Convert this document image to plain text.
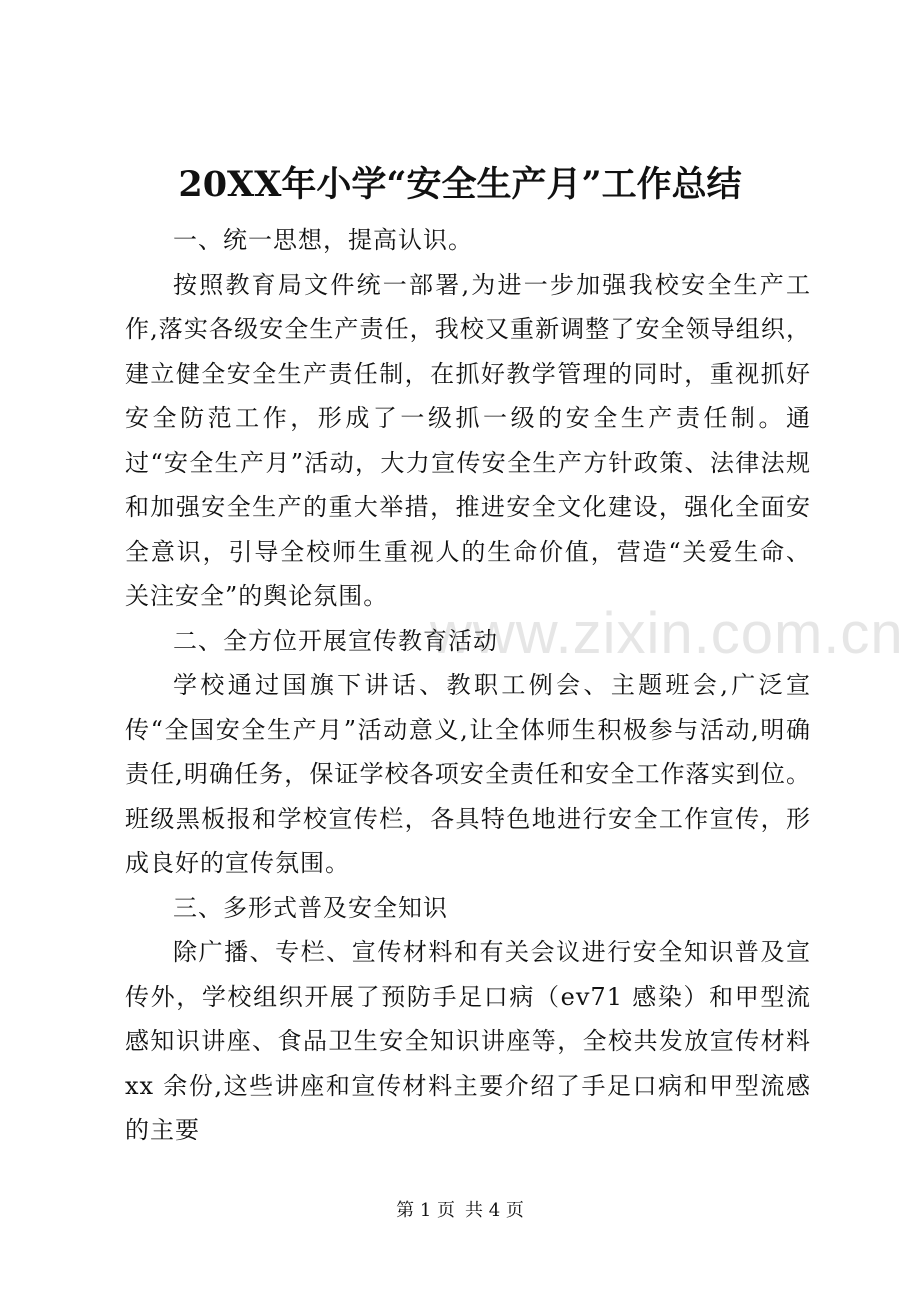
www.zixin.com.cn
20XX年小学“安全生产月”工作总结

一、统一思想，提高认识。

按照教育局文件统一部署,为进一步加强我校安全生产工作,落实各级安全生产责任，我校又重新调整了安全领导组织，建立健全安全生产责任制，在抓好教学管理的同时，重视抓好安全防范工作，形成了一级抓一级的安全生产责任制。通过“安全生产月”活动，大力宣传安全生产方针政策、法律法规和加强安全生产的重大举措，推进安全文化建设，强化全面安全意识，引导全校师生重视人的生命价值，营造“关爱生命、关注安全”的舆论氛围。

二、全方位开展宣传教育活动

学校通过国旗下讲话、教职工例会、主题班会,广泛宣传“全国安全生产月”活动意义,让全体师生积极参与活动,明确责任,明确任务，保证学校各项安全责任和安全工作落实到位。班级黑板报和学校宣传栏，各具特色地进行安全工作宣传，形成良好的宣传氛围。

三、多形式普及安全知识

除广播、专栏、宣传材料和有关会议进行安全知识普及宣传外，学校组织开展了预防手足口病（ev71 感染）和甲型流感知识讲座、食品卫生安全知识讲座等，全校共发放宣传材料 xx 余份,这些讲座和宣传材料主要介绍了手足口病和甲型流感的主要

第 1 页 共 4 页
